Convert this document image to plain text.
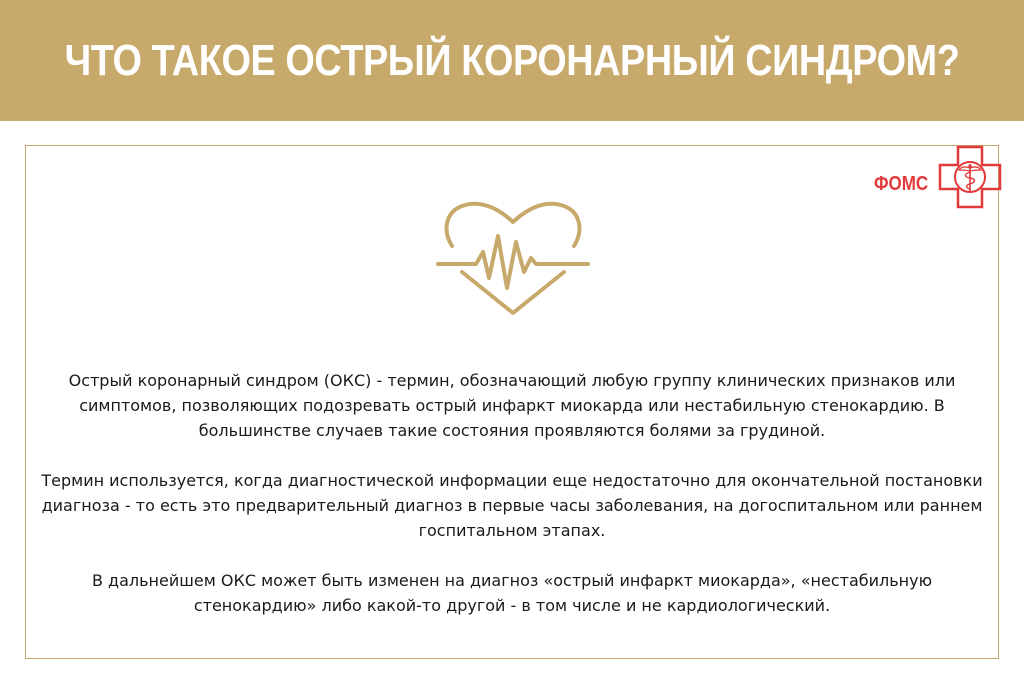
ЧТО ТАКОЕ ОСТРЫЙ КОРОНАРНЫЙ СИНДРОМ?
ФОМС

Острый коронарный синдром (ОКС) - термин, обозначающий любую группу клинических признаков или симптомов, позволяющих подозревать острый инфаркт миокарда или нестабильную стенокардию. В большинстве случаев такие состояния проявляются болями за грудиной.

Термин используется, когда диагностической информации еще недостаточно для окончательной постановки диагноза - то есть это предварительный диагноз в первые часы заболевания, на догоспитальном или раннем госпитальном этапах.

В дальнейшем ОКС может быть изменен на диагноз «острый инфаркт миокарда», «нестабильную стенокардию» либо какой-то другой - в том числе и не кардиологический.
